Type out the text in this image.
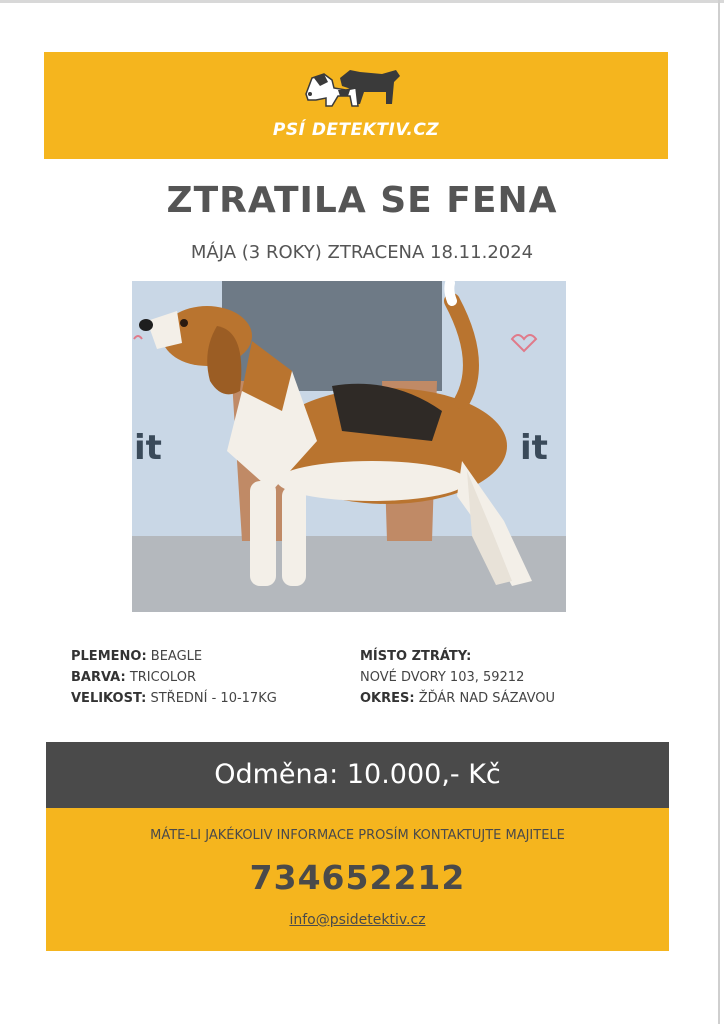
PSÍ DETEKTIV.CZ
ZTRATILA SE FENA
MÁJA (3 ROKY) ZTRACENA 18.11.2024
it	it
PLEMENO: BEAGLE
BARVA: TRICOLOR
VELIKOST: STŘEDNÍ - 10-17KG
MÍSTO ZTRÁTY:
NOVÉ DVORY 103, 59212
OKRES: ŽĎÁR NAD SÁZAVOU
Odměna: 10.000,- Kč
MÁTE-LI JAKÉKOLIV INFORMACE PROSÍM KONTAKTUJTE MAJITELE
734652212
info@psidetektiv.cz
